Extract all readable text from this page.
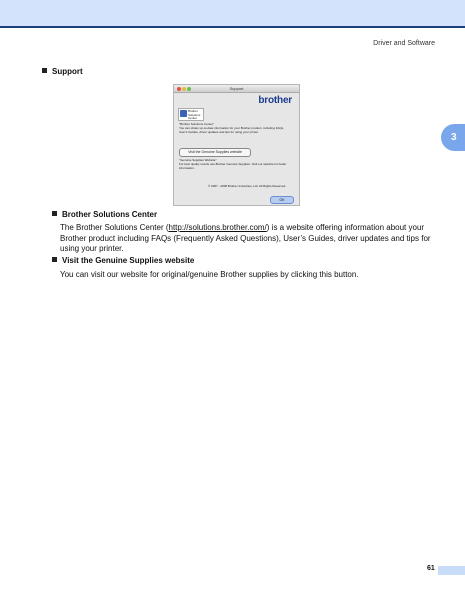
Driver and Software
3
Support
Support
brother
Brother Solutions Center
"Brother Solutions Center"
You can obtain up-to-date information for your Brother product, including FAQs, User's Guides, driver updates and tips for using your printer.
Visit the Genuine Supplies website
"Genuine Supplies Website"
For best quality results use Brother Genuine Supplies. Visit our website for better information.
© 2007 - 2008 Brother Industries, Ltd. All Rights Reserved.
OK
Brother Solutions Center
The Brother Solutions Center (http://solutions.brother.com/) is a website offering information about your Brother product including FAQs (Frequently Asked Questions), User’s Guides, driver updates and tips for using your printer.
Visit the Genuine Supplies website
You can visit our website for original/genuine Brother supplies by clicking this button.
61
